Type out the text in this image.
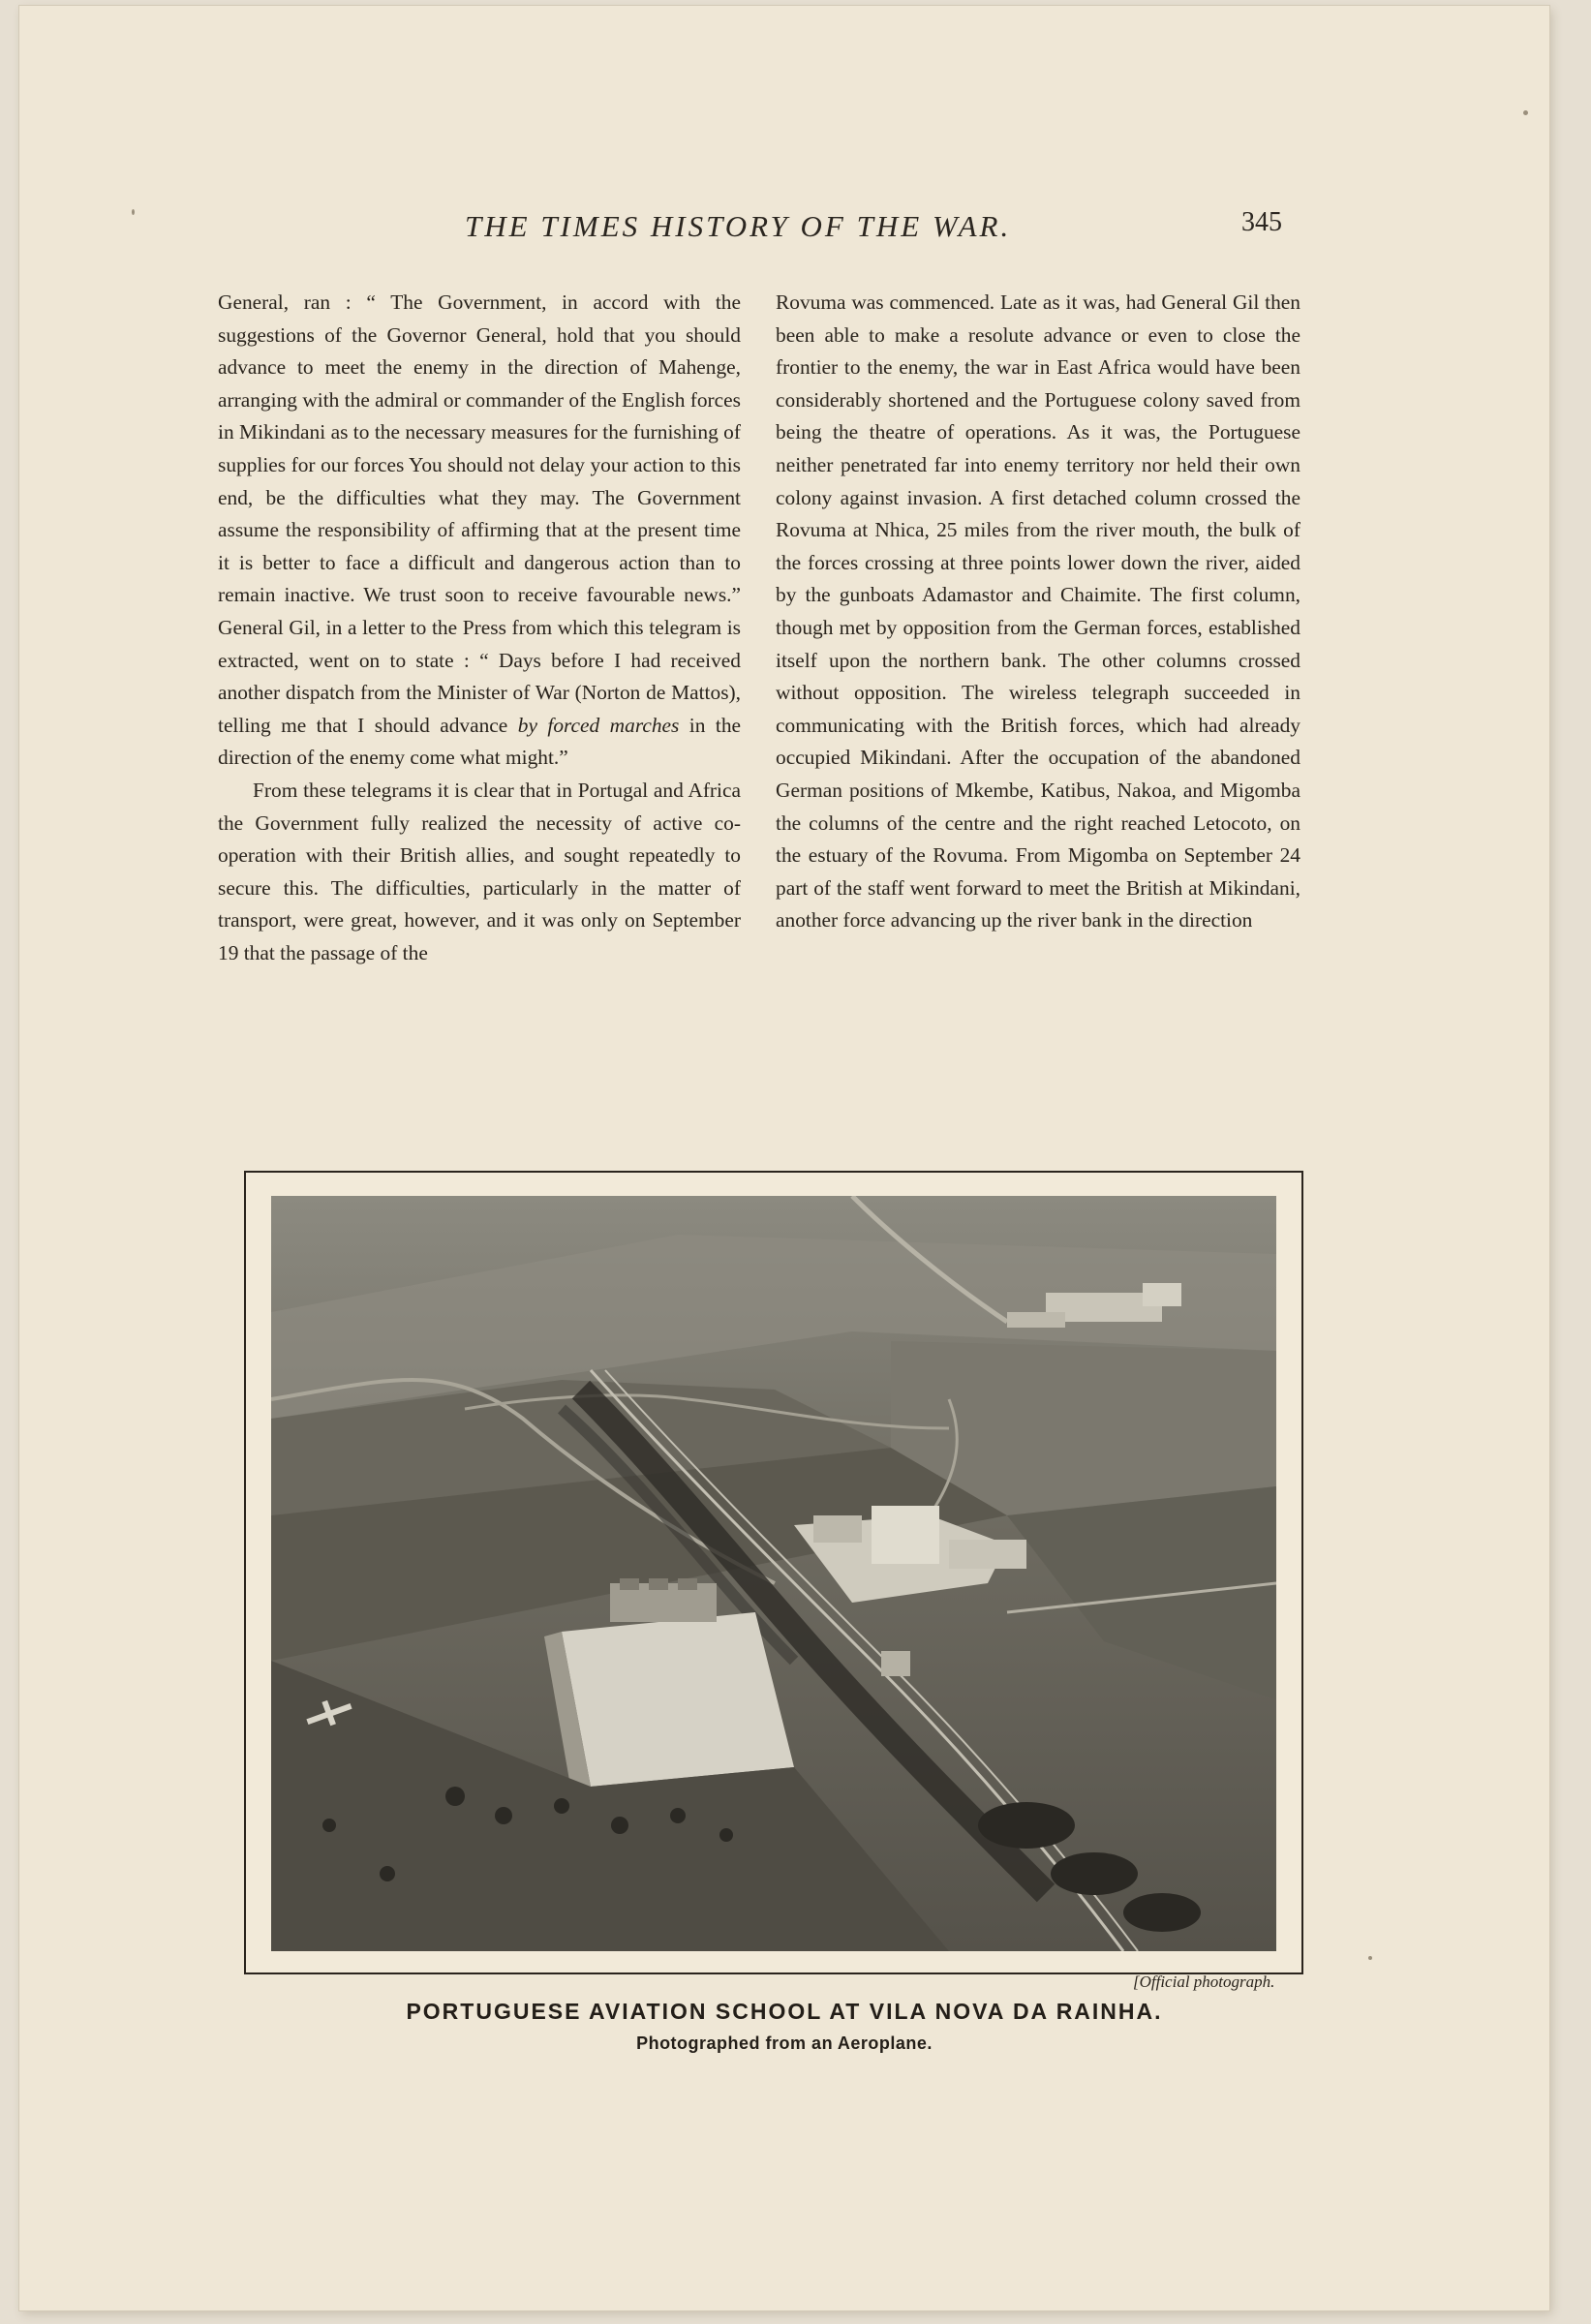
THE TIMES HISTORY OF THE WAR.	345

General, ran : “ The Government, in accord with the suggestions of the Governor General, hold that you should advance to meet the enemy in the direction of Mahenge, arranging with the admiral or commander of the English forces in Mikindani as to the necessary measures for the furnishing of supplies for our forces You should not delay your action to this end, be the difficulties what they may. The Government assume the responsibility of affirming that at the present time it is better to face a difficult and dangerous action than to remain inactive. We trust soon to receive favourable news.” General Gil, in a letter to the Press from which this telegram is extracted, went on to state : “ Days before I had received another dispatch from the Minister of War (Norton de Mattos), telling me that I should advance by forced marches in the direction of the enemy come what might.”

From these telegrams it is clear that in Portugal and Africa the Government fully realized the necessity of active co-operation with their British allies, and sought repeatedly to secure this. The difficulties, particularly in the matter of transport, were great, however, and it was only on September 19 that the passage of the

Rovuma was commenced. Late as it was, had General Gil then been able to make a resolute advance or even to close the frontier to the enemy, the war in East Africa would have been considerably shortened and the Portuguese colony saved from being the theatre of operations. As it was, the Portuguese neither penetrated far into enemy territory nor held their own colony against invasion. A first detached column crossed the Rovuma at Nhica, 25 miles from the river mouth, the bulk of the forces crossing at three points lower down the river, aided by the gunboats Adamastor and Chaimite. The first column, though met by opposition from the German forces, established itself upon the northern bank. The other columns crossed without opposition. The wireless telegraph succeeded in communicating with the British forces, which had already occupied Mikindani. After the occupation of the abandoned German positions of Mkembe, Katibus, Nakoa, and Migomba the columns of the centre and the right reached Letocoto, on the estuary of the Rovuma. From Migomba on September 24 part of the staff went forward to meet the British at Mikindani, another force advancing up the river bank in the direction

[Official photograph.
PORTUGUESE AVIATION SCHOOL AT VILA NOVA DA RAINHA.
Photographed from an Aeroplane.
